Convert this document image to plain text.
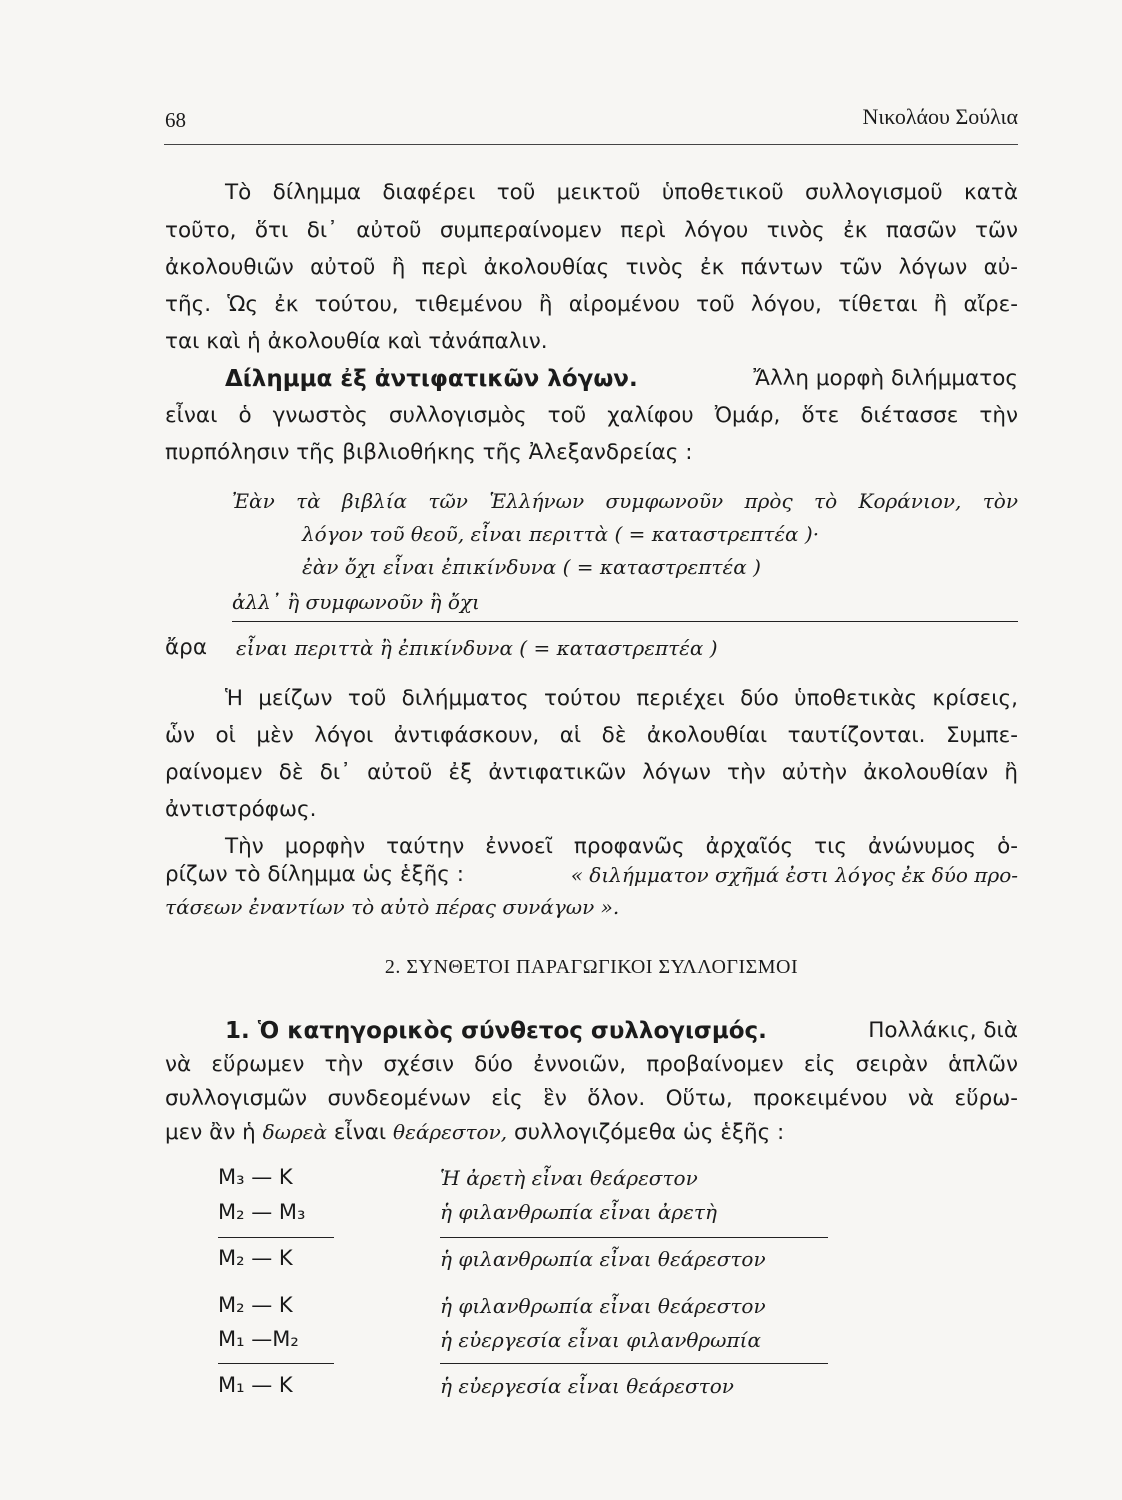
68	Νικολάου Σούλια
Τὸ δίλημμα διαφέρει τοῦ μεικτοῦ ὑποθετικοῦ συλλογισμοῦ κατὰ
τοῦτο, ὅτι δι᾽ αὐτοῦ συμπεραίνομεν περὶ λόγου τινὸς ἐκ πασῶν τῶν
ἀκολουθιῶν αὐτοῦ ἢ περὶ ἀκολουθίας τινὸς ἐκ πάντων τῶν λόγων αὐ-
τῆς. Ὡς ἐκ τούτου, τιθεμένου ἢ αἰρομένου τοῦ λόγου, τίθεται ἢ αἴρε-
ται καὶ ἡ ἀκολουθία καὶ τἀνάπαλιν.
Δίλημμα ἐξ ἀντιφατικῶν λόγων.	Ἄλλη μορφὴ διλήμματος
εἶναι ὁ γνωστὸς συλλογισμὸς τοῦ χαλίφου Ὀμάρ, ὅτε διέτασσε τὴν
πυρπόλησιν τῆς βιβλιοθήκης τῆς Ἀλεξανδρείας :
Ἐὰν τὰ βιβλία τῶν Ἑλλήνων συμφωνοῦν πρὸς τὸ Κοράνιον, τὸν
λόγον τοῦ θεοῦ, εἶναι περιττὰ ( = καταστρεπτέα )·
ἐὰν ὄχι εἶναι ἐπικίνδυνα ( = καταστρεπτέα )
ἀλλ᾽ ἢ συμφωνοῦν ἢ ὄχι
ἄρα εἶναι περιττὰ ἢ ἐπικίνδυνα ( = καταστρεπτέα )
Ἡ μείζων τοῦ διλήμματος τούτου περιέχει δύο ὑποθετικὰς κρίσεις,
ὧν οἱ μὲν λόγοι ἀντιφάσκουν, αἱ δὲ ἀκολουθίαι ταυτίζονται. Συμπε-
ραίνομεν δὲ δι᾽ αὐτοῦ ἐξ ἀντιφατικῶν λόγων τὴν αὐτὴν ἀκολουθίαν ἢ
ἀντιστρόφως.
Τὴν μορφὴν ταύτην ἐννοεῖ προφανῶς ἀρχαῖός τις ἀνώνυμος ὁ-
ρίζων τὸ δίλημμα ὡς ἑξῆς :	« διλήμματον σχῆμά ἐστι λόγος ἐκ δύο προ-
τάσεων ἐναντίων τὸ αὐτὸ πέρας συνάγων ».
2. ΣΥΝΘΕΤΟΙ ΠΑΡΑΓΩΓΙΚΟΙ ΣΥΛΛΟΓΙΣΜΟΙ
1. Ὁ κατηγορικὸς σύνθετος συλλογισμός.	Πολλάκις, διὰ
νὰ εὕρωμεν τὴν σχέσιν δύο ἐννοιῶν, προβαίνομεν εἰς σειρὰν ἁπλῶν
συλλογισμῶν συνδεομένων εἰς ἓν ὅλον. Οὕτω, προκειμένου νὰ εὕρω-
μεν ἂν ἡ δωρεὰ εἶναι θεάρεστον, συλλογιζόμεθα ὡς ἑξῆς :
M₃ — K	Ἡ ἀρετὴ εἶναι θεάρεστον
M₂ — M₃	ἡ φιλανθρωπία εἶναι ἀρετὴ
M₂ — K	ἡ φιλανθρωπία εἶναι θεάρεστον
M₂ — K	ἡ φιλανθρωπία εἶναι θεάρεστον
M₁ —M₂	ἡ εὐεργεσία εἶναι φιλανθρωπία
M₁ — K	ἡ εὐεργεσία εἶναι θεάρεστον
